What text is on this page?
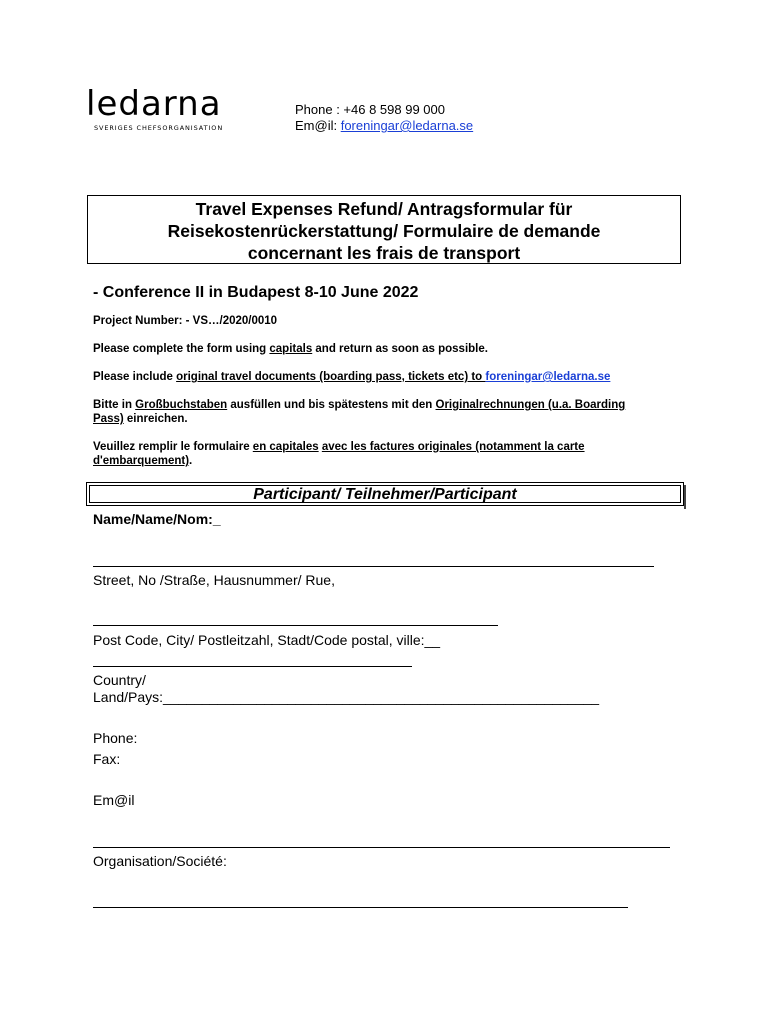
ledarna
SVERIGES CHEFSORGANISATION
Phone : +46 8 598 99 000
Em@il: foreningar@ledarna.se
Travel Expenses Refund/ Antragsformular für
Reisekostenrückerstattung/ Formulaire de demande
concernant les frais de transport
- Conference II in Budapest 8-10 June 2022
Project Number: - VS…/2020/0010
Please complete the form using capitals and return as soon as possible.
Please include original travel documents (boarding pass, tickets etc) to foreningar@ledarna.se
Bitte in Großbuchstaben ausfüllen und bis spätestens mit den Originalrechnungen (u.a. Boarding Pass) einreichen.
Veuillez remplir le formulaire en capitales avec les factures originales (notamment la carte d'embarquement).
Participant/ Teilnehmer/Participant
Name/Name/Nom:_
Street, No /Straße, Hausnummer/ Rue,
Post Code, City/ Postleitzahl, Stadt/Code postal, ville:__
Country/
Land/Pays:________________________________________________________
Phone:
Fax:
Em@il
Organisation/Société:
